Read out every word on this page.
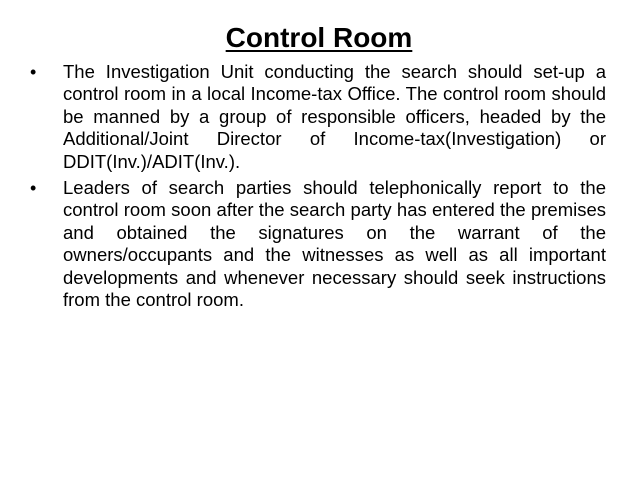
Control Room
•	The Investigation Unit conducting the search should set-up a control room in a local Income-tax Office. The control room should be manned by a group of responsible officers, headed by the Additional/Joint Director of Income-tax(Investigation) or DDIT(Inv.)/ADIT(Inv.).
•	Leaders of search parties should telephonically report to the control room soon after the search party has entered the premises and obtained the signatures on the warrant of the owners/occupants and the witnesses as well as all important developments and whenever necessary should seek instructions from the control room.
